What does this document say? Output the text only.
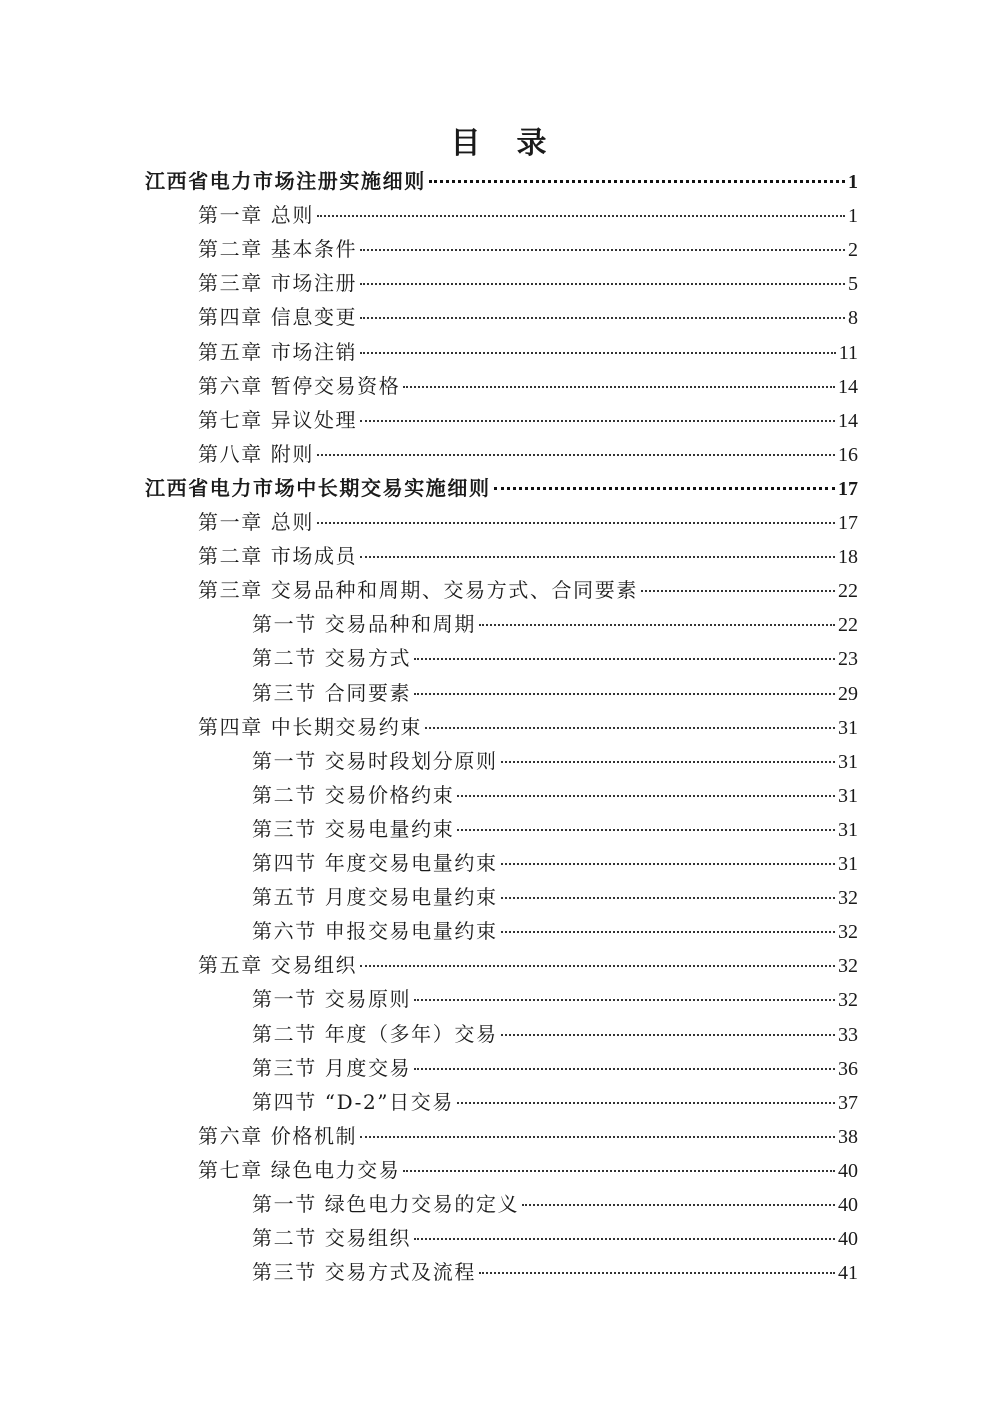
目　录
江西省电力市场注册实施细则	1
第一章 总则	1
第二章 基本条件	2
第三章 市场注册	5
第四章 信息变更	8
第五章 市场注销	11
第六章 暂停交易资格	14
第七章 异议处理	14
第八章 附则	16
江西省电力市场中长期交易实施细则	17
第一章 总则	17
第二章 市场成员	18
第三章 交易品种和周期、交易方式、合同要素	22
第一节 交易品种和周期	22
第二节 交易方式	23
第三节 合同要素	29
第四章 中长期交易约束	31
第一节 交易时段划分原则	31
第二节 交易价格约束	31
第三节 交易电量约束	31
第四节 年度交易电量约束	31
第五节 月度交易电量约束	32
第六节 申报交易电量约束	32
第五章 交易组织	32
第一节 交易原则	32
第二节 年度（多年）交易	33
第三节 月度交易	36
第四节 “D-2”日交易	37
第六章 价格机制	38
第七章 绿色电力交易	40
第一节 绿色电力交易的定义	40
第二节 交易组织	40
第三节 交易方式及流程	41
